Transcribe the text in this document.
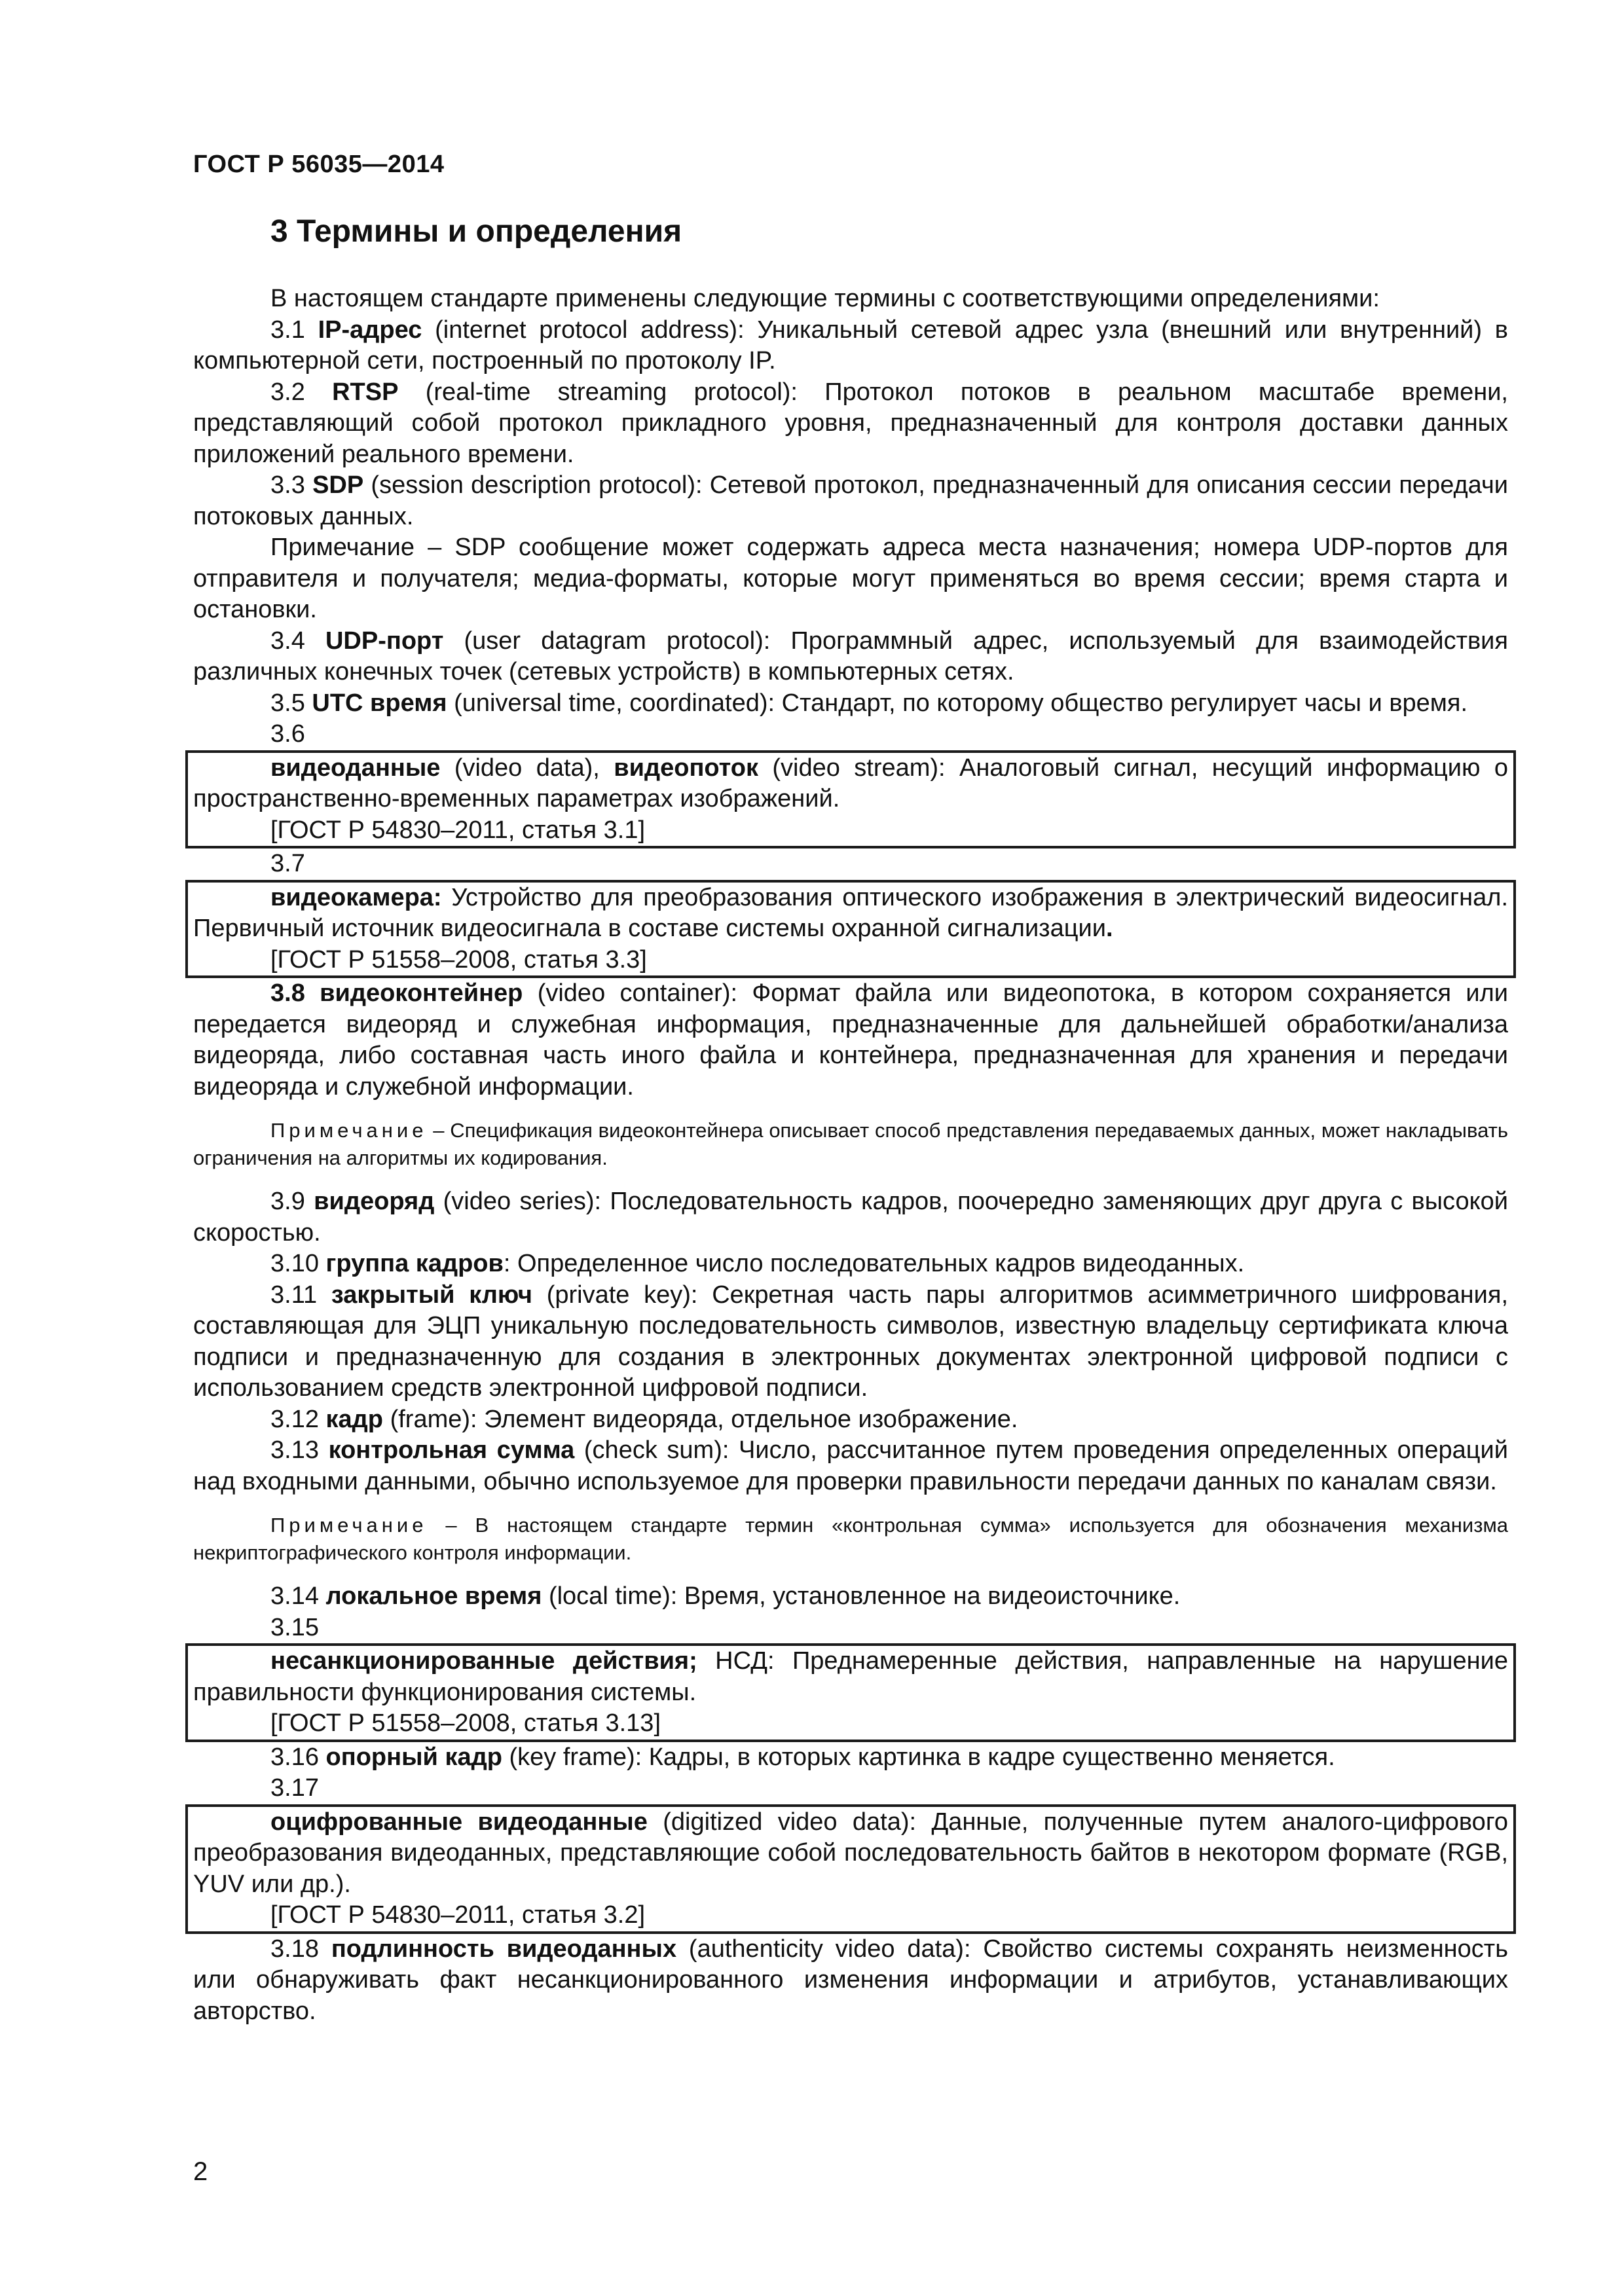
ГОСТ Р 56035—2014
3 Термины и определения

В настоящем стандарте применены следующие термины с соответствующими определениями:

3.1 IP-адрес (internet protocol address): Уникальный сетевой адрес узла (внешний или внутренний) в компьютерной сети, построенный по протоколу IP.

3.2 RTSP (real-time streaming protocol): Протокол потоков в реальном масштабе времени, представляющий собой протокол прикладного уровня, предназначенный для контроля доставки данных приложений реального времени.

3.3 SDP (session description protocol): Сетевой протокол, предназначенный для описания сессии передачи потоковых данных.

Примечание – SDP сообщение может содержать адреса места назначения; номера UDP-портов для отправителя и получателя; медиа-форматы, которые могут применяться во время сессии; время старта и остановки.

3.4 UDP-порт (user datagram protocol): Программный адрес, используемый для взаимодействия различных конечных точек (сетевых устройств) в компьютерных сетях.

3.5 UTC время (universal time, coordinated): Стандарт, по которому общество регулирует часы и время.

3.6

видеоданные (video data), видеопоток (video stream): Аналоговый сигнал, несущий информацию о пространственно-временных параметрах изображений.

[ГОСТ Р 54830–2011, статья 3.1]

3.7

видеокамера: Устройство для преобразования оптического изображения в электрический видеосигнал. Первичный источник видеосигнала в составе системы охранной сигнализации.

[ГОСТ Р 51558–2008, статья 3.3]

3.8 видеоконтейнер (video container): Формат файла или видеопотока, в котором сохраняется или передается видеоряд и служебная информация, предназначенные для дальнейшей обработки/анализа видеоряда, либо составная часть иного файла и контейнера, предназначенная для хранения и передачи видеоряда и служебной информации.

Примечание – Спецификация видеоконтейнера описывает способ представления передаваемых данных, может накладывать ограничения на алгоритмы их кодирования.

3.9 видеоряд (video series): Последовательность кадров, поочередно заменяющих друг друга с высокой скоростью.

3.10 группа кадров: Определенное число последовательных кадров видеоданных.

3.11 закрытый ключ (private key): Секретная часть пары алгоритмов асимметричного шифрования, составляющая для ЭЦП уникальную последовательность символов, известную владельцу сертификата ключа подписи и предназначенную для создания в электронных документах электронной цифровой подписи с использованием средств электронной цифровой подписи.

3.12 кадр (frame): Элемент видеоряда, отдельное изображение.

3.13 контрольная сумма (check sum): Число, рассчитанное путем проведения определенных операций над входными данными, обычно используемое для проверки правильности передачи данных по каналам связи.

Примечание – В настоящем стандарте термин «контрольная сумма» используется для обозначения механизма некриптографического контроля информации.

3.14 локальное время (local time): Время, установленное на видеоисточнике.

3.15

несанкционированные действия; НСД: Преднамеренные действия, направленные на нарушение правильности функционирования системы.

[ГОСТ Р 51558–2008, статья 3.13]

3.16 опорный кадр (key frame): Кадры, в которых картинка в кадре существенно меняется.

3.17

оцифрованные видеоданные (digitized video data): Данные, полученные путем аналого-цифрового преобразования видеоданных, представляющие собой последовательность байтов в некотором формате (RGB, YUV или др.).

[ГОСТ Р 54830–2011, статья 3.2]

3.18 подлинность видеоданных (authenticity video data): Свойство системы сохранять неизменность или обнаруживать факт несанкционированного изменения информации и атрибутов, устанавливающих авторство.

2
